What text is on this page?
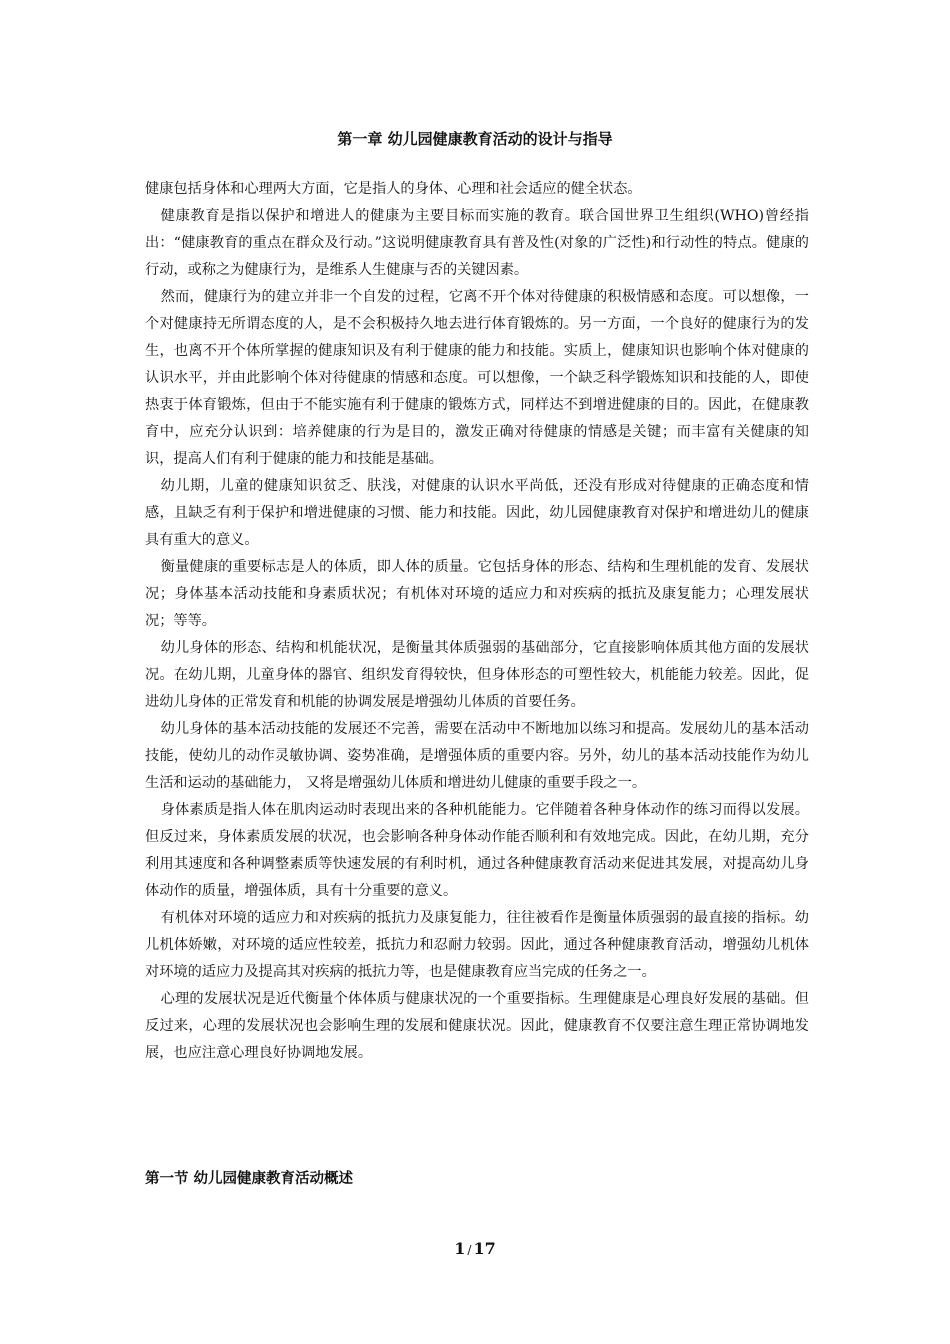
第一章 幼儿园健康教育活动的设计与指导

健康包括身体和心理两大方面，它是指人的身体、心理和社会适应的健全状态。

健康教育是指以保护和增进人的健康为主要目标而实施的教育。联合国世界卫生组织(WHO)曾经指出：“健康教育的重点在群众及行动。”这说明健康教育具有普及性(对象的广泛性)和行动性的特点。健康的行动，或称之为健康行为，是维系人生健康与否的关键因素。

然而，健康行为的建立并非一个自发的过程，它离不开个体对待健康的积极情感和态度。可以想像，一个对健康持无所谓态度的人，是不会积极持久地去进行体育锻炼的。另一方面，一个良好的健康行为的发生，也离不开个体所掌握的健康知识及有利于健康的能力和技能。实质上，健康知识也影响个体对健康的认识水平，并由此影响个体对待健康的情感和态度。可以想像，一个缺乏科学锻炼知识和技能的人，即使热衷于体育锻炼，但由于不能实施有利于健康的锻炼方式，同样达不到增进健康的目的。因此，在健康教育中，应充分认识到：培养健康的行为是目的，激发正确对待健康的情感是关键；而丰富有关健康的知识，提高人们有利于健康的能力和技能是基础。

幼儿期，儿童的健康知识贫乏、肤浅，对健康的认识水平尚低，还没有形成对待健康的正确态度和情感，且缺乏有利于保护和增进健康的习惯、能力和技能。因此，幼儿园健康教育对保护和增进幼儿的健康具有重大的意义。

衡量健康的重要标志是人的体质，即人体的质量。它包括身体的形态、结构和生理机能的发育、发展状况；身体基本活动技能和身素质状况；有机体对环境的适应力和对疾病的抵抗及康复能力；心理发展状况；等等。

幼儿身体的形态、结构和机能状况，是衡量其体质强弱的基础部分，它直接影响体质其他方面的发展状况。在幼儿期，儿童身体的器官、组织发育得较快，但身体形态的可塑性较大，机能能力较差。因此，促进幼儿身体的正常发育和机能的协调发展是增强幼儿体质的首要任务。

幼儿身体的基本活动技能的发展还不完善，需要在活动中不断地加以练习和提高。发展幼儿的基本活动技能，使幼儿的动作灵敏协调、姿势准确，是增强体质的重要内容。另外，幼儿的基本活动技能作为幼儿生活和运动的基础能力， 又将是增强幼儿体质和增进幼儿健康的重要手段之一。

身体素质是指人体在肌肉运动时表现出来的各种机能能力。它伴随着各种身体动作的练习而得以发展。但反过来，身体素质发展的状况，也会影响各种身体动作能否顺利和有效地完成。因此，在幼儿期，充分利用其速度和各种调整素质等快速发展的有利时机，通过各种健康教育活动来促进其发展，对提高幼儿身体动作的质量，增强体质，具有十分重要的意义。

有机体对环境的适应力和对疾病的抵抗力及康复能力，往往被看作是衡量体质强弱的最直接的指标。幼儿机体娇嫩，对环境的适应性较差，抵抗力和忍耐力较弱。因此，通过各种健康教育活动，增强幼儿机体对环境的适应力及提高其对疾病的抵抗力等，也是健康教育应当完成的任务之一。

心理的发展状况是近代衡量个体体质与健康状况的一个重要指标。生理健康是心理良好发展的基础。但反过来，心理的发展状况也会影响生理的发展和健康状况。因此，健康教育不仅要注意生理正常协调地发展，也应注意心理良好协调地发展。

第一节 幼儿园健康教育活动概述
1 / 17
